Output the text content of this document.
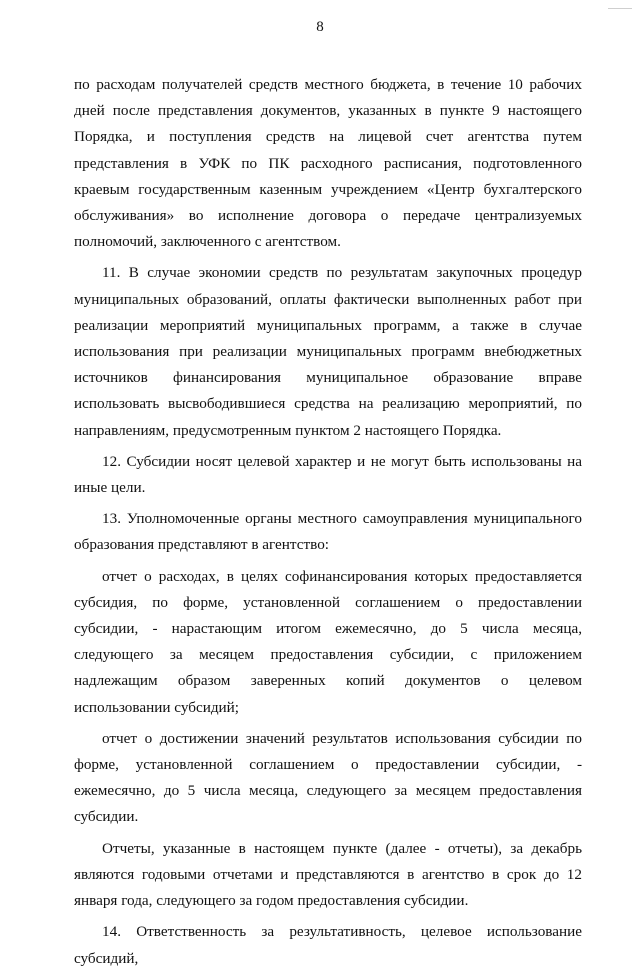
8

по расходам получателей средств местного бюджета, в течение 10 рабочих дней после представления документов, указанных в пункте 9 настоящего Порядка, и поступления средств на лицевой счет агентства путем представления в УФК по ПК расходного расписания, подготовленного краевым государственным казенным учреждением «Центр бухгалтерского обслуживания» во исполнение договора о передаче централизуемых полномочий, заключенного с агентством.

11. В случае экономии средств по результатам закупочных процедур муниципальных образований, оплаты фактически выполненных работ при реализации мероприятий муниципальных программ, а также в случае использования при реализации муниципальных программ внебюджетных источников финансирования муниципальное образование вправе использовать высвободившиеся средства на реализацию мероприятий, по направлениям, предусмотренным пунктом 2 настоящего Порядка.

12. Субсидии носят целевой характер и не могут быть использованы на иные цели.

13. Уполномоченные органы местного самоуправления муниципального образования представляют в агентство:

отчет о расходах, в целях софинансирования которых предоставляется субсидия, по форме, установленной соглашением о предоставлении субсидии, - нарастающим итогом ежемесячно, до 5 числа месяца, следующего за месяцем предоставления субсидии, с приложением надлежащим образом заверенных копий документов о целевом использовании субсидий;

отчет о достижении значений результатов использования субсидии по форме, установленной соглашением о предоставлении субсидии, - ежемесячно, до 5 числа месяца, следующего за месяцем предоставления субсидии.

Отчеты, указанные в настоящем пункте (далее - отчеты), за декабрь являются годовыми отчетами и представляются в агентство в срок до 12 января года, следующего за годом предоставления субсидии.

14. Ответственность за результативность, целевое использование субсидий,
